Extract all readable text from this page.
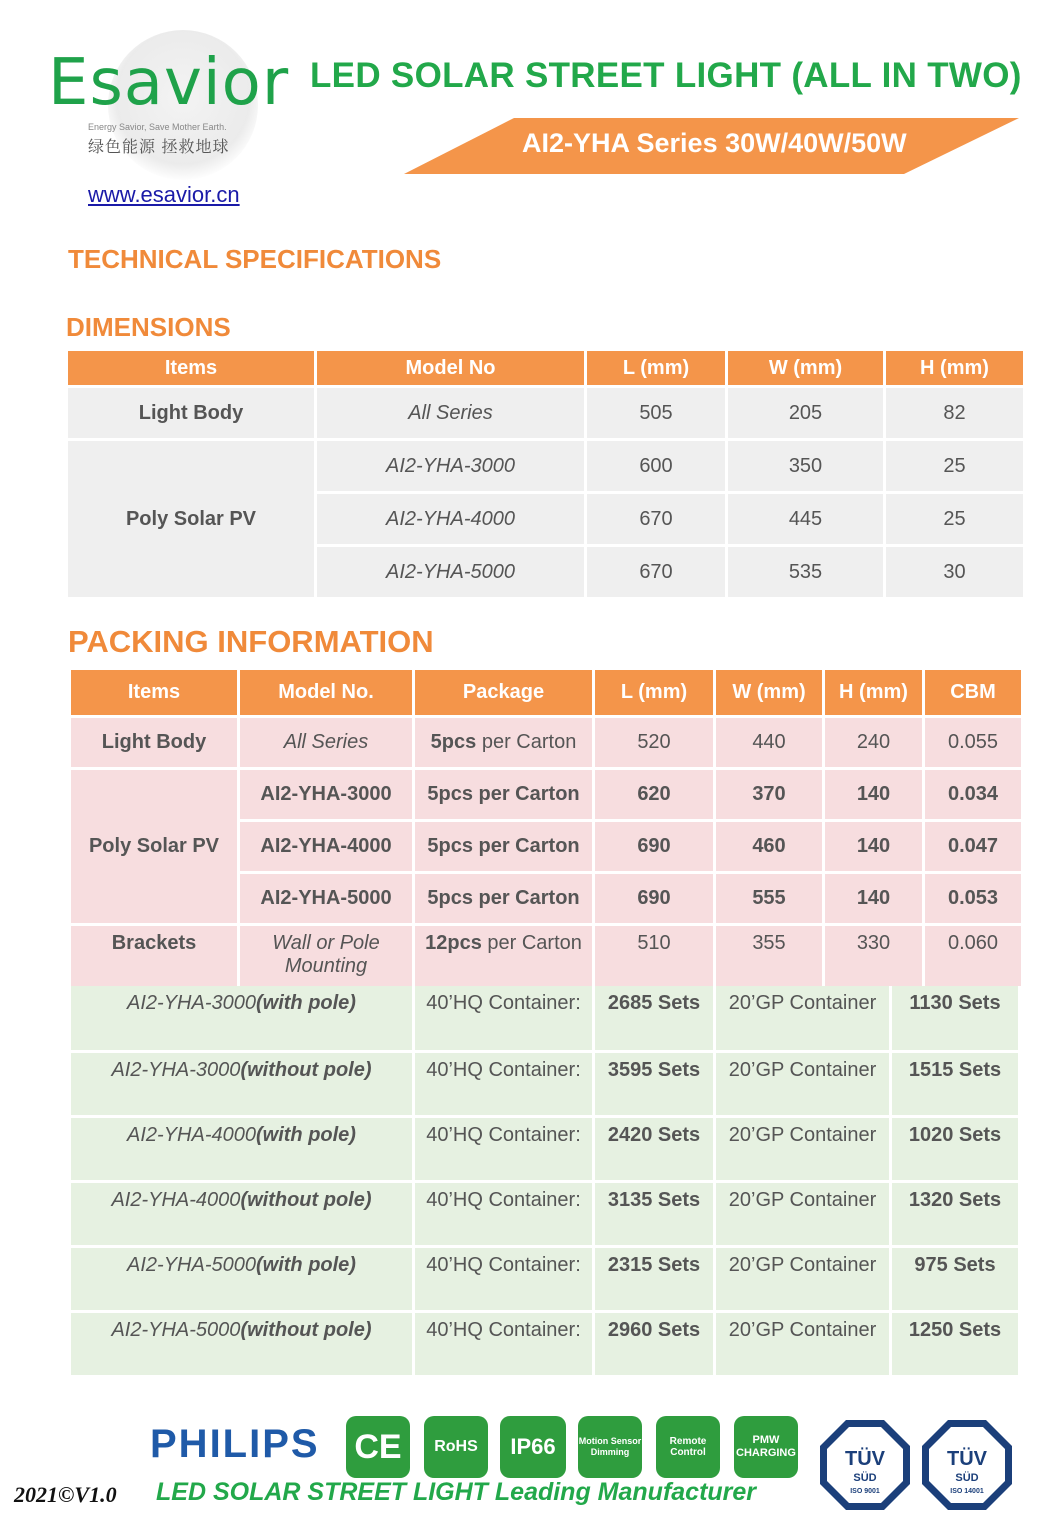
Esavior
Energy Savior, Save Mother Earth.
绿色能源 拯救地球
www.esavior.cn
LED SOLAR STREET LIGHT (ALL IN TWO)
AI2-YHA Series 30W/40W/50W
TECHNICAL SPECIFICATIONS
DIMENSIONS
Items	Model No	L (mm)	W (mm)	H (mm)
Light Body	All Series	505	205	82
Poly Solar PV	AI2-YHA-3000	600	350	25
	AI2-YHA-4000	670	445	25
	AI2-YHA-5000	670	535	30
PACKING INFORMATION
Items	Model No.	Package	L (mm)	W (mm)	H (mm)	CBM
Light Body	All Series	5pcs per Carton	520	440	240	0.055
Poly Solar PV	AI2-YHA-3000	5pcs per Carton	620	370	140	0.034
	AI2-YHA-4000	5pcs per Carton	690	460	140	0.047
	AI2-YHA-5000	5pcs per Carton	690	555	140	0.053
Brackets	Wall or Pole Mounting	12pcs per Carton	510	355	330	0.060
AI2-YHA-3000(with pole)	40’HQ Container:	2685 Sets	20’GP Container	1130 Sets
AI2-YHA-3000(without pole)	40’HQ Container:	3595 Sets	20’GP Container	1515 Sets
AI2-YHA-4000(with pole)	40’HQ Container:	2420 Sets	20’GP Container	1020 Sets
AI2-YHA-4000(without pole)	40’HQ Container:	3135 Sets	20’GP Container	1320 Sets
AI2-YHA-5000(with pole)	40’HQ Container:	2315 Sets	20’GP Container	975 Sets
AI2-YHA-5000(without pole)	40’HQ Container:	2960 Sets	20’GP Container	1250 Sets
PHILIPS CE	RoHS	IP66	Motion Sensor Dimming
Remote Control
PMW CHARGING	TÜV
SÜD
ISO 9001
TÜV
SÜD
ISO 14001
2021©V1.0 LED SOLAR STREET LIGHT Leading Manufacturer
